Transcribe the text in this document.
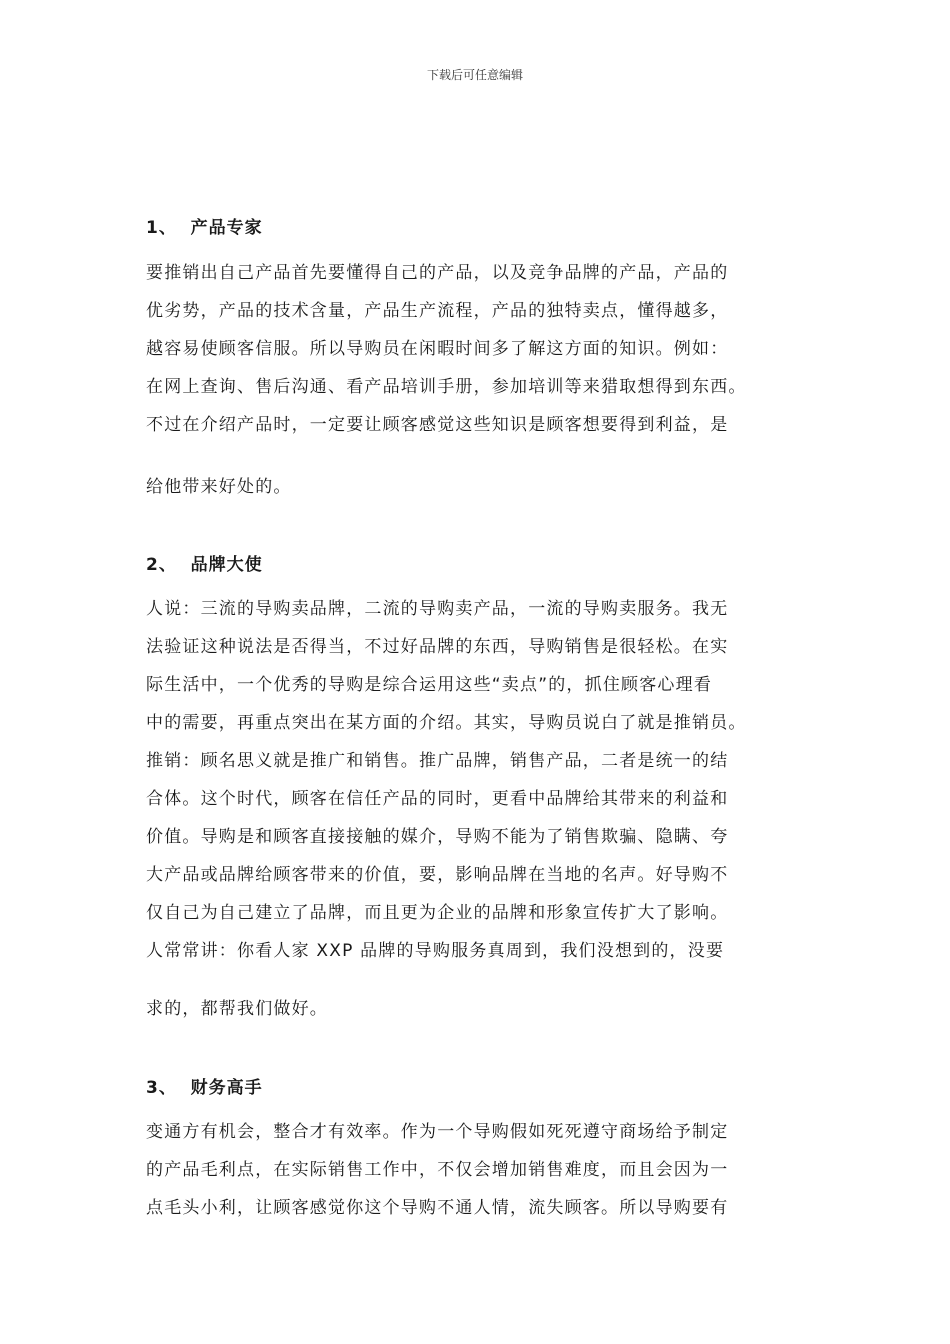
下载后可任意编辑
1、  产品专家
要推销出自己产品首先要懂得自己的产品，以及竞争品牌的产品，产品的
优劣势，产品的技术含量，产品生产流程，产品的独特卖点，懂得越多，
越容易使顾客信服。所以导购员在闲暇时间多了解这方面的知识。例如：
在网上查询、售后沟通、看产品培训手册，参加培训等来猎取想得到东西。
不过在介绍产品时，一定要让顾客感觉这些知识是顾客想要得到利益，是
给他带来好处的。
2、  品牌大使
人说：三流的导购卖品牌，二流的导购卖产品，一流的导购卖服务。我无
法验证这种说法是否得当，不过好品牌的东西，导购销售是很轻松。在实
际生活中，一个优秀的导购是综合运用这些“卖点”的，抓住顾客心理看
中的需要，再重点突出在某方面的介绍。其实，导购员说白了就是推销员。
推销：顾名思义就是推广和销售。推广品牌，销售产品，二者是统一的结
合体。这个时代，顾客在信任产品的同时，更看中品牌给其带来的利益和
价值。导购是和顾客直接接触的媒介，导购不能为了销售欺骗、隐瞒、夸
大产品或品牌给顾客带来的价值，要，影响品牌在当地的名声。好导购不
仅自己为自己建立了品牌，而且更为企业的品牌和形象宣传扩大了影响。
人常常讲：你看人家 XXP 品牌的导购服务真周到，我们没想到的，没要
求的，都帮我们做好。
3、  财务高手
变通方有机会，整合才有效率。作为一个导购假如死死遵守商场给予制定
的产品毛利点，在实际销售工作中，不仅会增加销售难度，而且会因为一
点毛头小利，让顾客感觉你这个导购不通人情，流失顾客。所以导购要有
